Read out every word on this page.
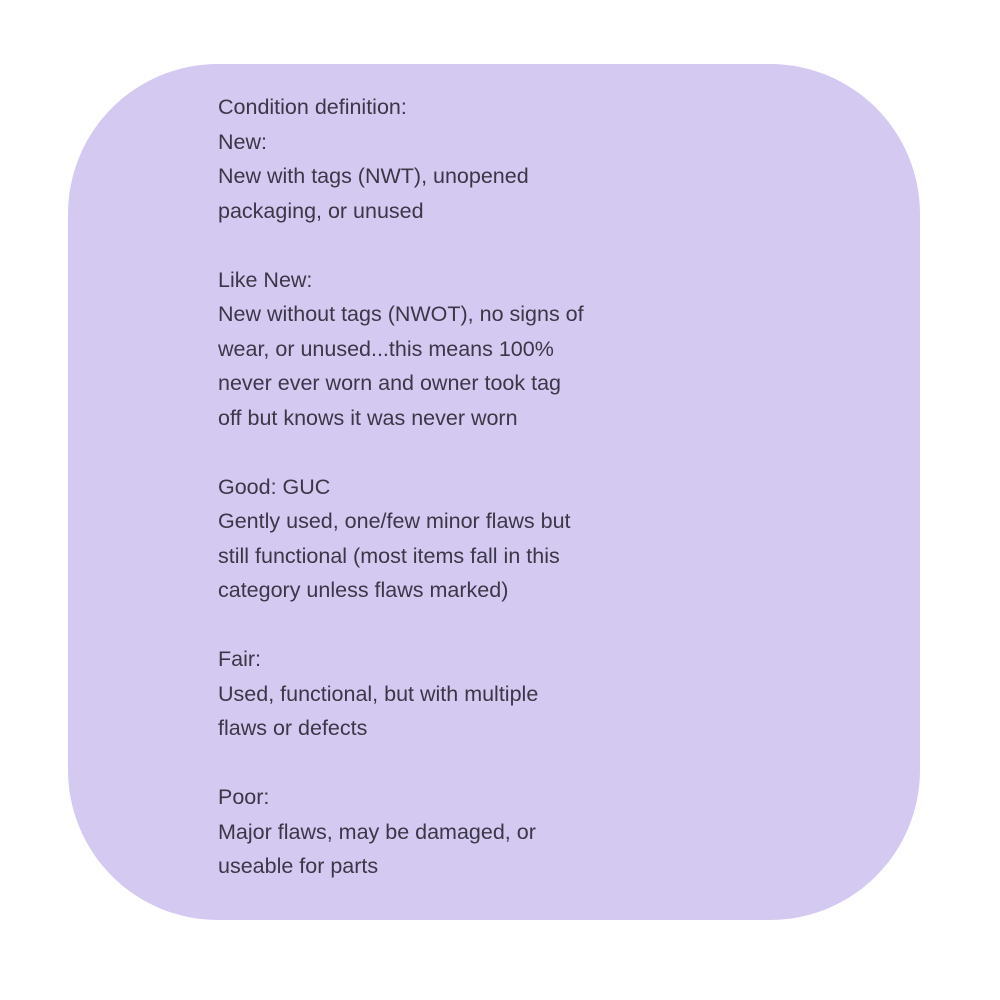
Condition definition:
New:
New with tags (NWT), unopened
packaging, or unused
Like New:
New without tags (NWOT), no signs of
wear, or unused...this means 100%
never ever worn and owner took tag
off but knows it was never worn
Good: GUC
Gently used, one/few minor flaws but
still functional (most items fall in this
category unless flaws marked)
Fair:
Used, functional, but with multiple
flaws or defects
Poor:
Major flaws, may be damaged, or
useable for parts
